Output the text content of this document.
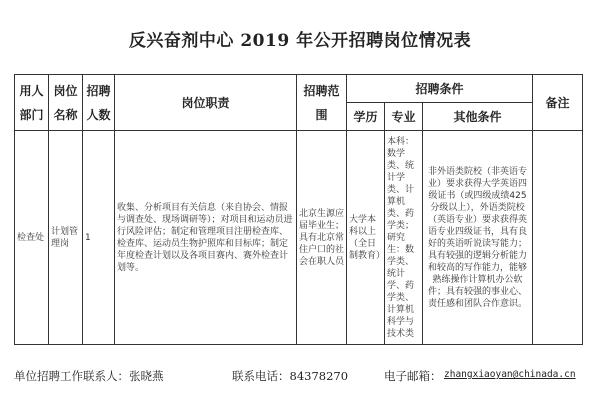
反兴奋剂中心 2019 年公开招聘岗位情况表
用人部门	岗位名称	招聘人数	岗位职责	招聘范围	招聘条件			备注
					学历	专业	其他条件	
检查处	计划管理岗	1	收集、分析项目有关信息（来自协会、情报与调查处、现场调研等）；对项目和运动员进行风险评估；制定和管理项目注册检查库、检查库、运动员生物护照库和目标库；制定年度检查计划以及各项目赛内、赛外检查计划等。	北京生源应届毕业生；具有北京常住户口的社会在职人员	大学本科以上（全日制教育）	本科：数学类、统计学类、计算机类、药学类；研究生：数学类、统计学、药学类、计算机科学与技术类	非外语类院校（非英语专业）要求获得大学英语四级证书（或四级成绩425分级以上），外语类院校（英语专业）要求获得英语专业四级证书，具有良好的英语听说读写能力；具有较强的逻辑分析能力和较高的写作能力，能够熟练操作计算机办公软件；具有较强的事业心、责任感和团队合作意识。	
单位招聘工作联系人：张晓燕	联系电话：84378270	电子邮箱： zhangxiaoyan@chinada.cn
